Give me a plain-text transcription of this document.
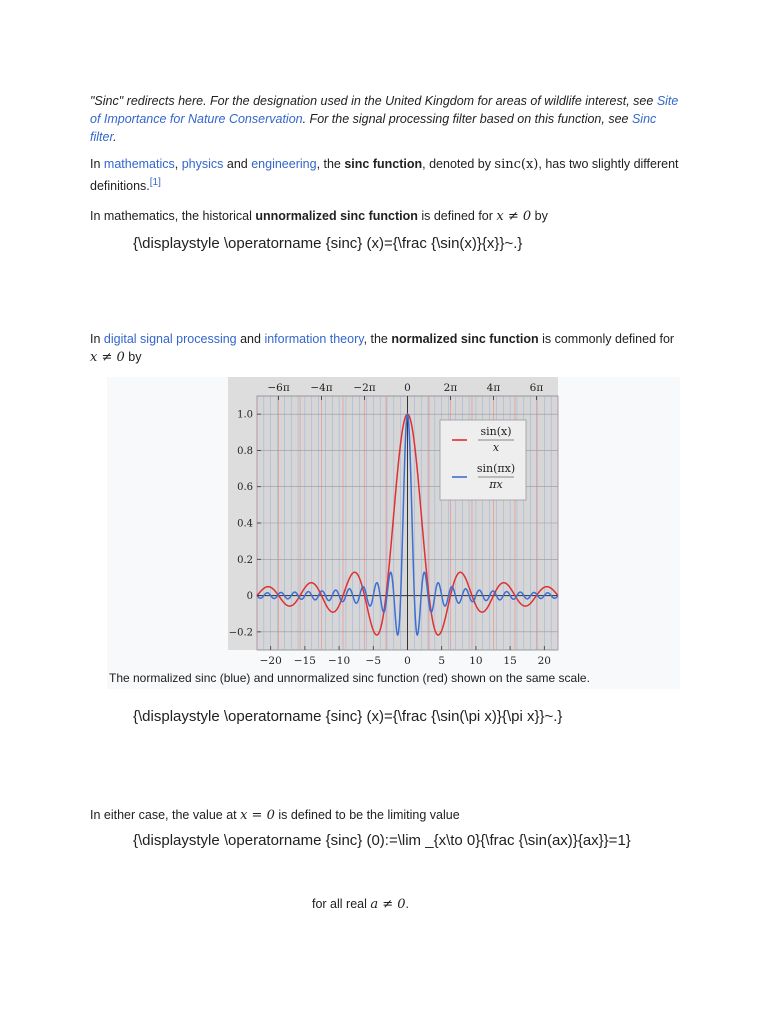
"Sinc" redirects here. For the designation used in the United Kingdom for areas of wildlife interest, see Site of Importance for Nature Conservation. For the signal processing filter based on this function, see Sinc filter.
In mathematics, physics and engineering, the sinc function, denoted by sinc(x), has two slightly different definitions.[1]
In mathematics, the historical unnormalized sinc function is defined for x ≠ 0 by
{\displaystyle \operatorname {sinc} (x)={\frac {\sin(x)}{x}}~.}
In digital signal processing and information theory, the normalized sinc function is commonly defined for x ≠ 0 by
−20 −15 −10 −5 0	5 10 15 20
−6π −4π −2π	0	2π	4π	6π
−0.2
0
0.2
0.4
0.6
0.8
1.0
sin(x)
x
sin(πx)
πx
The normalized sinc (blue) and unnormalized sinc function (red) shown on the same scale.
{\displaystyle \operatorname {sinc} (x)={\frac {\sin(\pi x)}{\pi x}}~.}
In either case, the value at x = 0 is defined to be the limiting value
{\displaystyle \operatorname {sinc} (0):=\lim _{x\to 0}{\frac {\sin(ax)}{ax}}=1}
for all real a ≠ 0.
